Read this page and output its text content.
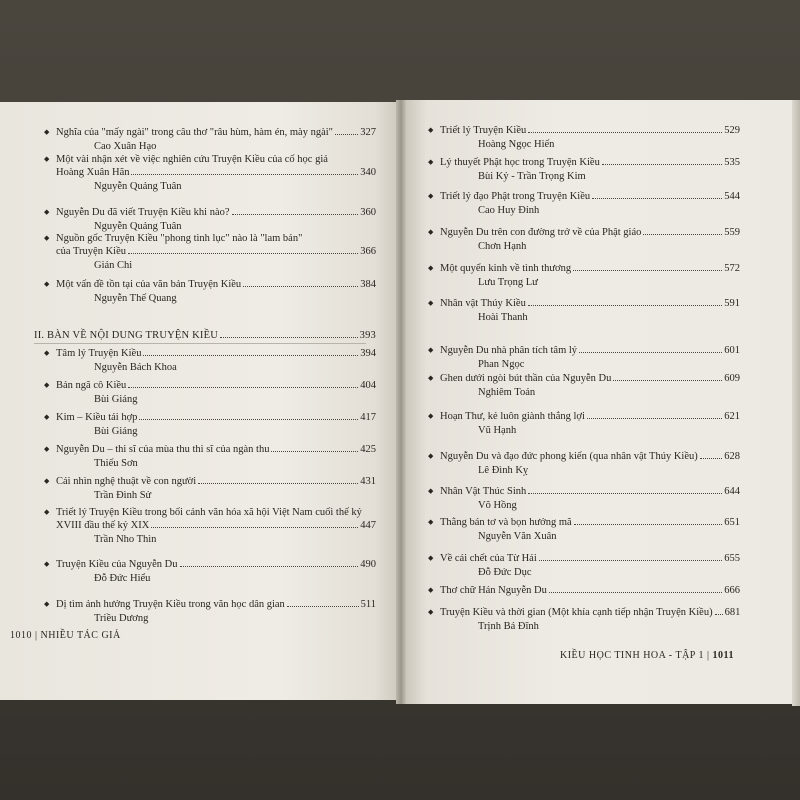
◆ Nghĩa của "mấy ngài" trong câu thơ "râu hùm, hàm én, mày ngài"	327
Cao Xuân Hạo
◆ Một vài nhận xét về việc nghiên cứu Truyện Kiều của cố học giả
Hoàng Xuân Hãn	340
Nguyễn Quảng Tuân
◆ Nguyễn Du đã viết Truyện Kiều khi nào?	360
Nguyễn Quảng Tuân
◆ Nguồn gốc Truyện Kiều "phong tình lục" nào là "lam bản"
của Truyện Kiều	366
Giản Chi
◆ Một vấn đề tồn tại của văn bản Truyện Kiều	384
Nguyễn Thế Quang
II. BÀN VỀ NỘI DUNG TRUYỆN KIỀU	393
◆ Tâm lý Truyện Kiều	394
Nguyễn Bách Khoa
◆ Bản ngã cô Kiều	404
Bùi Giáng
◆ Kim – Kiều tái hợp	417
Bùi Giáng
◆ Nguyễn Du – thi sĩ của mùa thu thi sĩ của ngàn thu	425
Thiếu Sơn
◆ Cái nhìn nghệ thuật về con người	431
Trần Đình Sử
◆ Triết lý Truyện Kiều trong bối cảnh văn hóa xã hội Việt Nam cuối thế kỷ
XVIII đầu thế kỷ XIX	447
Trần Nho Thìn
◆ Truyện Kiều của Nguyễn Du	490
Đỗ Đức Hiểu
◆ Dị tìm ảnh hưởng Truyện Kiều trong văn học dân gian	511
Triều Dương
◆ Triết lý Truyện Kiều	529
Hoàng Ngọc Hiến
◆ Lý thuyết Phật học trong Truyện Kiều	535
Bùi Kỷ - Trần Trọng Kim
◆ Triết lý đạo Phật trong Truyện Kiều	544
Cao Huy Đỉnh
◆ Nguyễn Du trên con đường trở về của Phật giáo	559
Chơn Hạnh
◆ Một quyển kinh về tình thương	572
Lưu Trọng Lư
◆ Nhân vật Thúy Kiều	591
Hoài Thanh
◆ Nguyễn Du nhà phân tích tâm lý	601
Phan Ngọc
◆ Ghen dưới ngòi bút thần của Nguyễn Du	609
Nghiêm Toản
◆ Hoạn Thư, kẻ luôn giành thắng lợi	621
Vũ Hạnh
◆ Nguyễn Du và đạo đức phong kiến (qua nhân vật Thúy Kiều)	628
Lê Đình Kỵ
◆ Nhân Vật Thúc Sinh	644
Võ Hồng
◆ Thằng bán tơ và bọn hưởng mã	651
Nguyễn Văn Xuân
◆ Về cái chết của Từ Hải	655
Đỗ Đức Dục
◆ Thơ chữ Hán Nguyễn Du	666
◆ Truyện Kiều và thời gian (Một khía cạnh tiếp nhận Truyện Kiều) 681
Trịnh Bá Đĩnh
1010 | NHIỀU TÁC GIẢ
KIỀU HỌC TINH HOA - TẬP 1 | 1011
